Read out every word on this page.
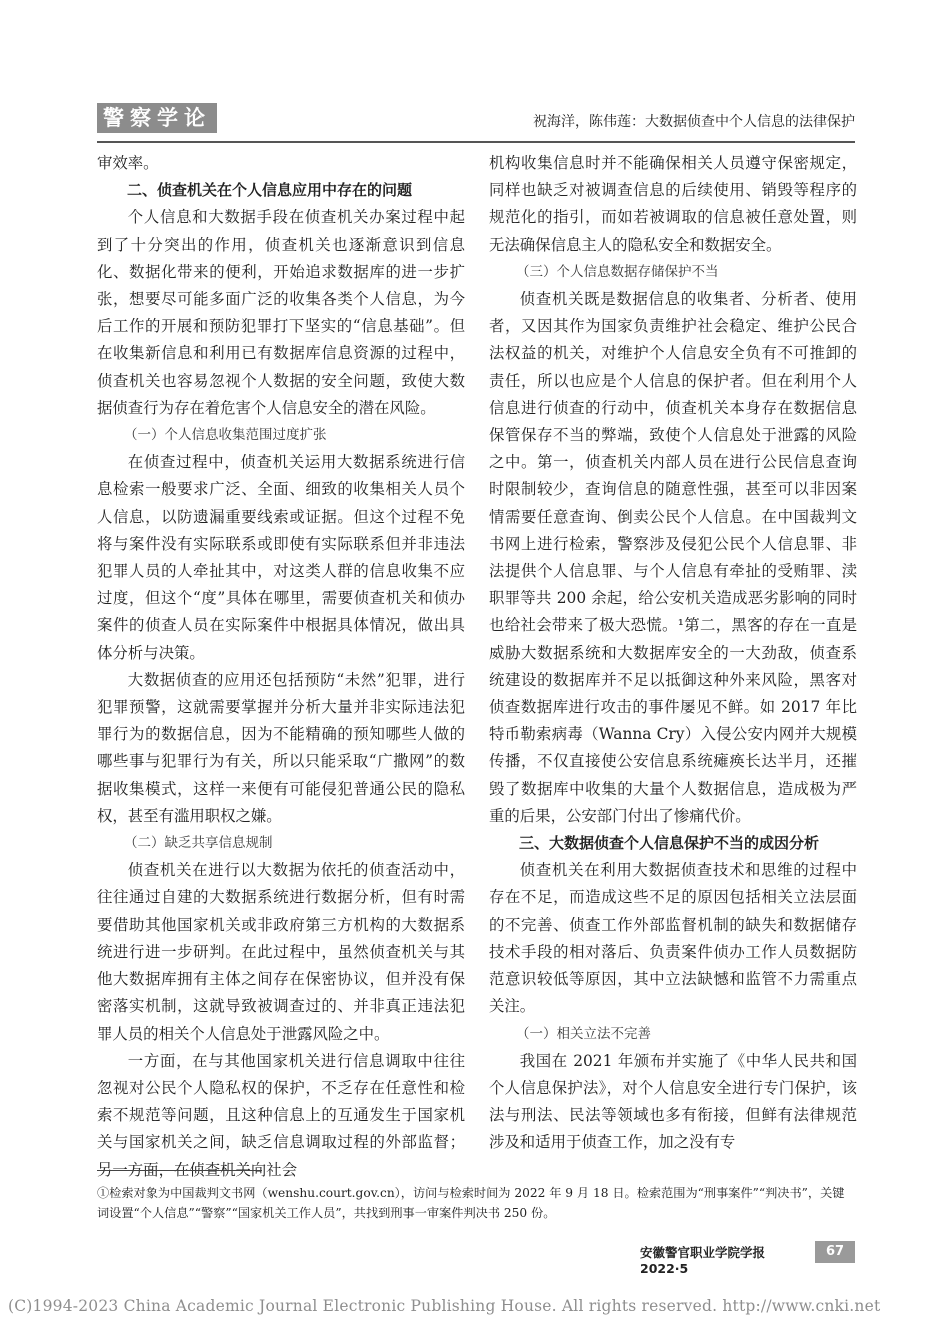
警察学论	祝海洋，陈伟莲：大数据侦查中个人信息的法律保护

审效率。

二、侦查机关在个人信息应用中存在的问题

个人信息和大数据手段在侦查机关办案过程中起到了十分突出的作用，侦查机关也逐渐意识到信息化、数据化带来的便利，开始追求数据库的进一步扩张，想要尽可能多面广泛的收集各类个人信息，为今后工作的开展和预防犯罪打下坚实的“信息基础”。但在收集新信息和利用已有数据库信息资源的过程中，侦查机关也容易忽视个人数据的安全问题，致使大数据侦查行为存在着危害个人信息安全的潜在风险。

（一）个人信息收集范围过度扩张

在侦查过程中，侦查机关运用大数据系统进行信息检索一般要求广泛、全面、细致的收集相关人员个人信息，以防遗漏重要线索或证据。但这个过程不免将与案件没有实际联系或即使有实际联系但并非违法犯罪人员的人牵扯其中，对这类人群的信息收集不应过度，但这个“度”具体在哪里，需要侦查机关和侦办案件的侦查人员在实际案件中根据具体情况，做出具体分析与决策。

大数据侦查的应用还包括预防“未然”犯罪，进行犯罪预警，这就需要掌握并分析大量并非实际违法犯罪行为的数据信息，因为不能精确的预知哪些人做的哪些事与犯罪行为有关，所以只能采取“广撒网”的数据收集模式，这样一来便有可能侵犯普通公民的隐私权，甚至有滥用职权之嫌。

（二）缺乏共享信息规制

侦查机关在进行以大数据为依托的侦查活动中，往往通过自建的大数据系统进行数据分析，但有时需要借助其他国家机关或非政府第三方机构的大数据系统进行进一步研判。在此过程中，虽然侦查机关与其他大数据库拥有主体之间存在保密协议，但并没有保密落实机制，这就导致被调查过的、并非真正违法犯罪人员的相关个人信息处于泄露风险之中。

一方面，在与其他国家机关进行信息调取中往往忽视对公民个人隐私权的保护，不乏存在任意性和检索不规范等问题，且这种信息上的互通发生于国家机关与国家机关之间，缺乏信息调取过程的外部监督；另一方面，在侦查机关向社会

机构收集信息时并不能确保相关人员遵守保密规定，同样也缺乏对被调查信息的后续使用、销毁等程序的规范化的指引，而如若被调取的信息被任意处置，则无法确保信息主人的隐私安全和数据安全。

（三）个人信息数据存储保护不当

侦查机关既是数据信息的收集者、分析者、使用者，又因其作为国家负责维护社会稳定、维护公民合法权益的机关，对维护个人信息安全负有不可推卸的责任，所以也应是个人信息的保护者。但在利用个人信息进行侦查的行动中，侦查机关本身存在数据信息保管保存不当的弊端，致使个人信息处于泄露的风险之中。第一，侦查机关内部人员在进行公民信息查询时限制较少，查询信息的随意性强，甚至可以非因案情需要任意查询、倒卖公民个人信息。在中国裁判文书网上进行检索，警察涉及侵犯公民个人信息罪、非法提供个人信息罪、与个人信息有牵扯的受贿罪、渎职罪等共 200 余起，给公安机关造成恶劣影响的同时也给社会带来了极大恐慌。¹第二，黑客的存在一直是威胁大数据系统和大数据库安全的一大劲敌，侦查系统建设的数据库并不足以抵御这种外来风险，黑客对侦查数据库进行攻击的事件屡见不鲜。如 2017 年比特币勒索病毒（Wanna Cry）入侵公安内网并大规模传播，不仅直接使公安信息系统瘫痪长达半月，还摧毁了数据库中收集的大量个人数据信息，造成极为严重的后果，公安部门付出了惨痛代价。

三、大数据侦查个人信息保护不当的成因分析

侦查机关在利用大数据侦查技术和思维的过程中存在不足，而造成这些不足的原因包括相关立法层面的不完善、侦查工作外部监督机制的缺失和数据储存技术手段的相对落后、负责案件侦办工作人员数据防范意识较低等原因，其中立法缺憾和监管不力需重点关注。

（一）相关立法不完善

我国在 2021 年颁布并实施了《中华人民共和国个人信息保护法》，对个人信息安全进行专门保护，该法与刑法、民法等领域也多有衔接，但鲜有法律规范涉及和适用于侦查工作，加之没有专

①检索对象为中国裁判文书网（wenshu.court.gov.cn），访问与检索时间为 2022 年 9 月 18 日。检索范围为“刑事案件”“判决书”，关键词设置“个人信息”“警察”“国家机关工作人员”，共找到刑事一审案件判决书 250 份。

安徽警官职业学院学报2022·5
67
(C)1994-2023 China Academic Journal Electronic Publishing House. All rights reserved. http://www.cnki.net
